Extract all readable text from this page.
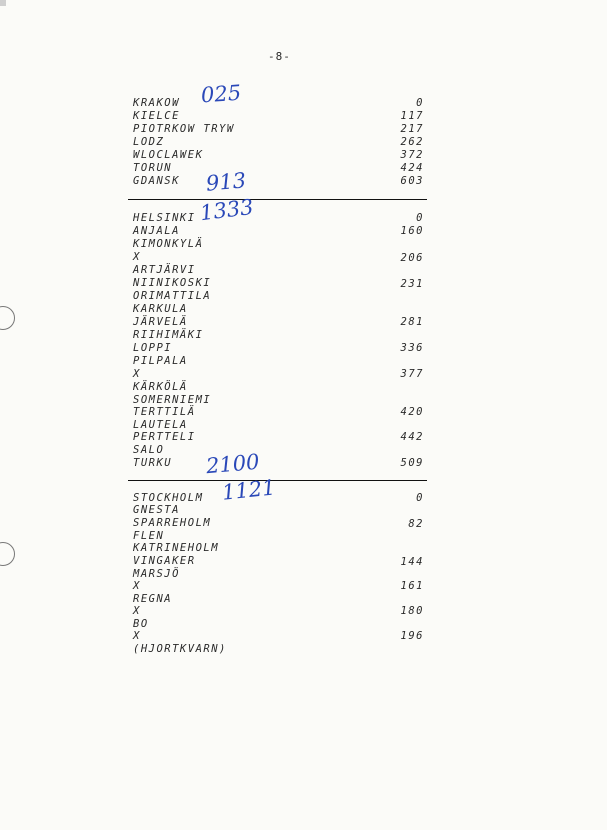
-8-
KRAKOW	0
KIELCE	117
PIOTRKOW TRYW	217
LODZ	262
WLOCLAWEK	372
TORUN	424
GDANSK	603
025
913
HELSINKI	0
ANJALA	160
KIMONKYLÄ
X	206
ARTJÄRVI
NIINIKOSKI	231
ORIMATTILA
KARKULA
JÄRVELÄ	281
RIIHIMÄKI
LOPPI	336
PILPALA
X	377
KÄRKÖLÄ
SOMERNIEMI
TERTTILÄ	420
LAUTELA
PERTTELI	442
SALO
TURKU	509
1333
2100
STOCKHOLM	0
GNESTA
SPARREHOLM	82
FLEN
KATRINEHOLM
VINGAKER	144
MARSJÖ
X	161
REGNA
X	180
BO
X	196
(HJORTKVARN)
1121
